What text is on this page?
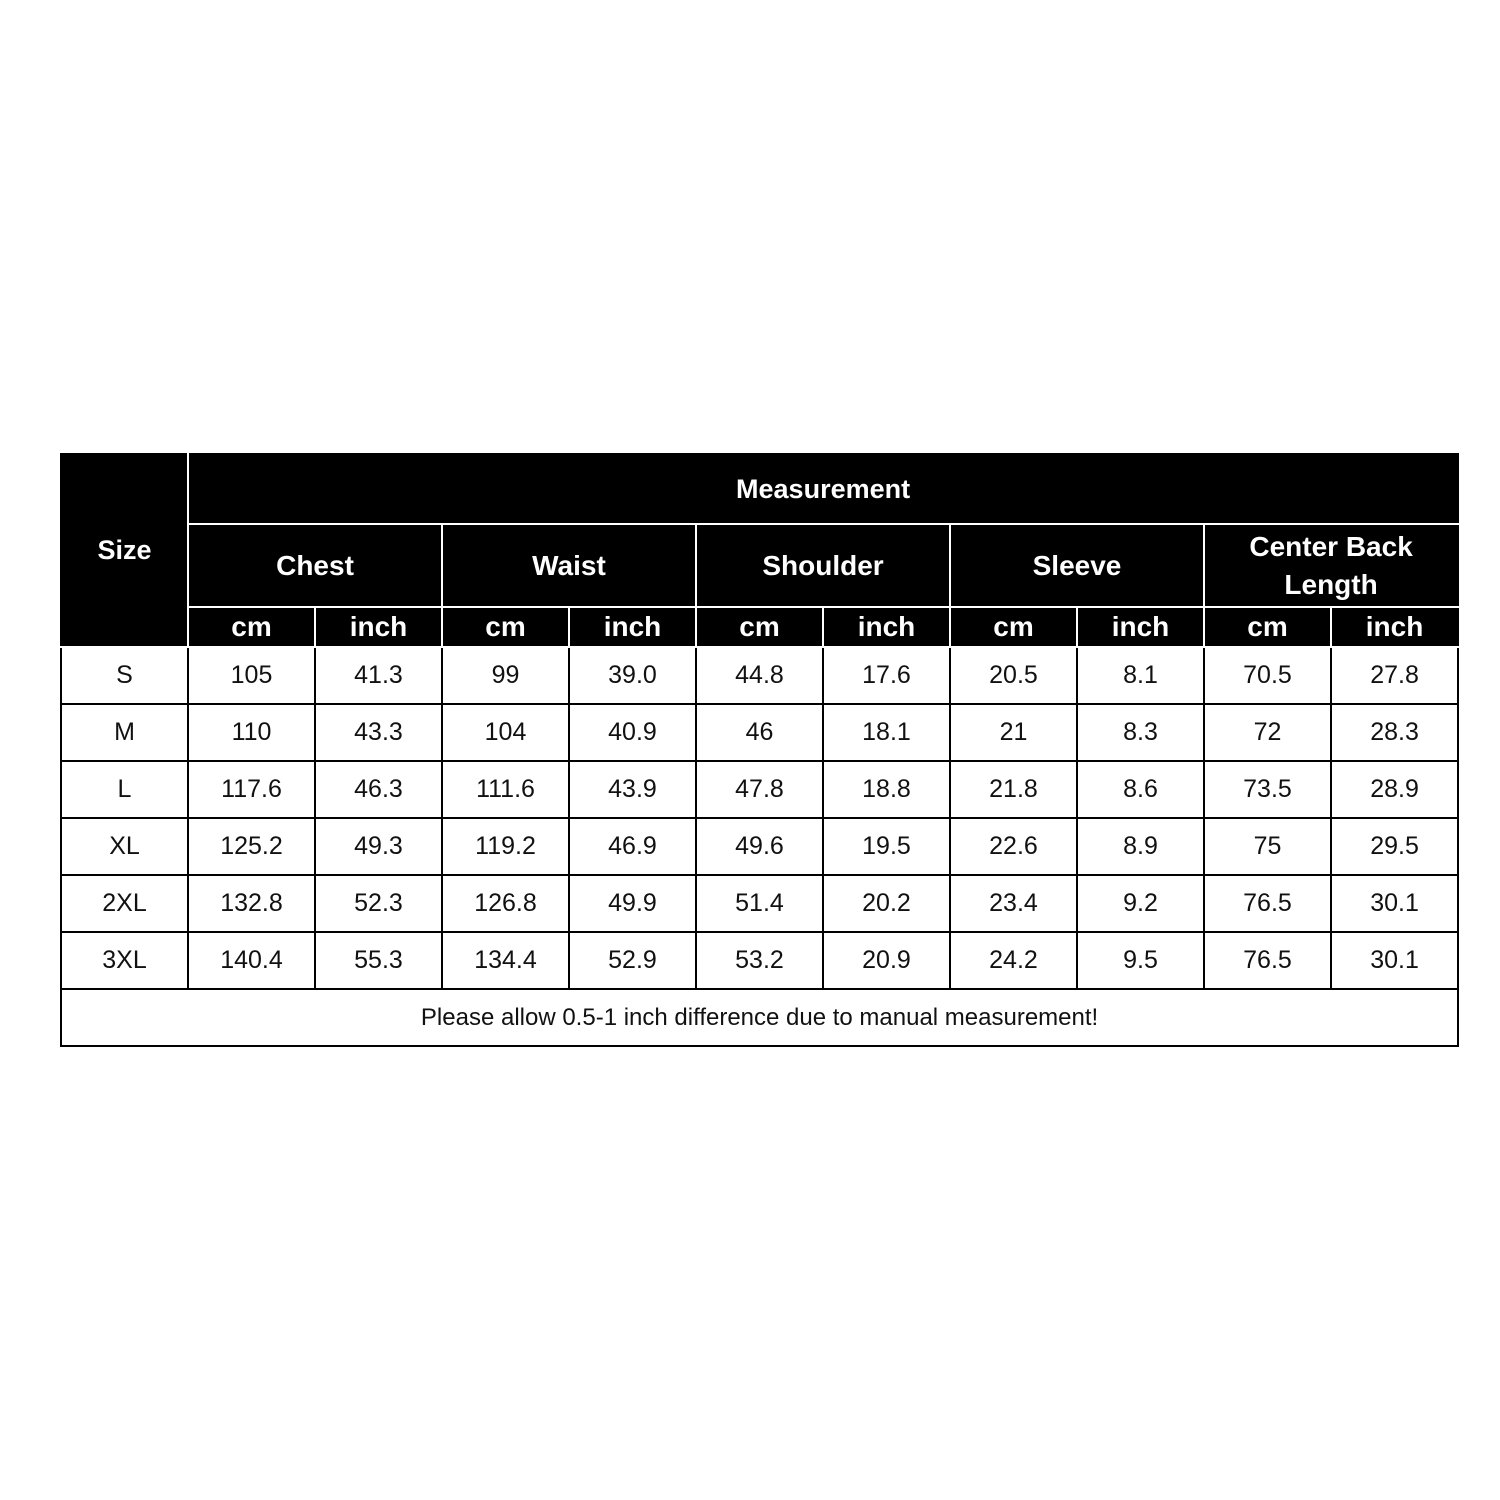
Size	Measurement									
	Chest		Waist		Shoulder		Sleeve		Center Back Length	
	cm	inch	cm	inch	cm	inch	cm	inch	cm	inch
S	105	41.3	99	39.0	44.8	17.6	20.5	8.1	70.5	27.8
M	110	43.3	104	40.9	46	18.1	21	8.3	72	28.3
L	117.6	46.3	111.6	43.9	47.8	18.8	21.8	8.6	73.5	28.9
XL	125.2	49.3	119.2	46.9	49.6	19.5	22.6	8.9	75	29.5
2XL	132.8	52.3	126.8	49.9	51.4	20.2	23.4	9.2	76.5	30.1
3XL	140.4	55.3	134.4	52.9	53.2	20.9	24.2	9.5	76.5	30.1
Please allow 0.5-1 inch difference due to manual measurement!										
